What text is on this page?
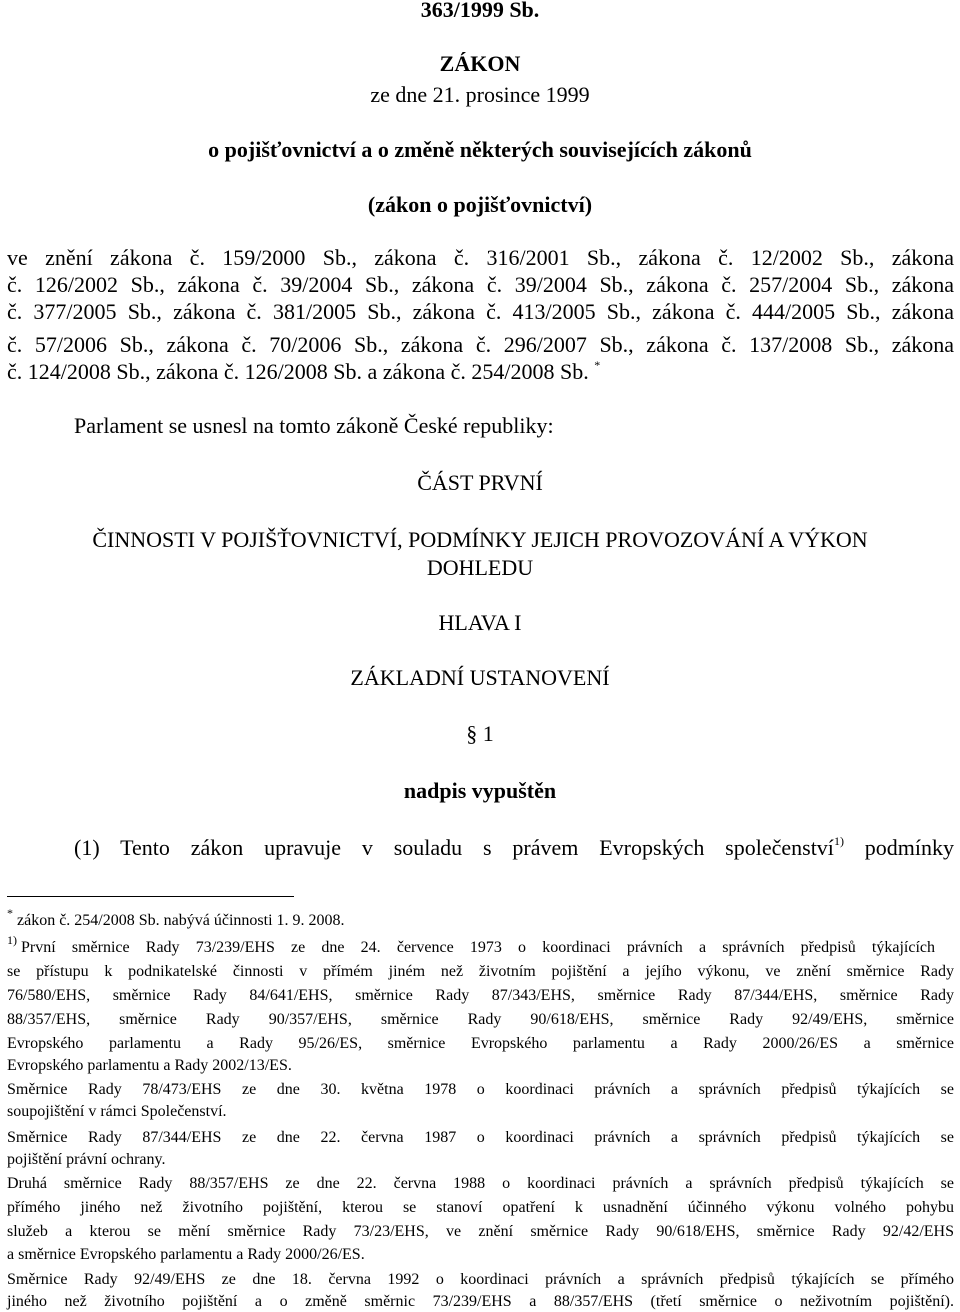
363/1999 Sb.
ZÁKON
ze dne 21. prosince 1999
o pojišťovnictví a o změně některých souvisejících zákonů
(zákon o pojišťovnictví)
ve znění zákona č. 159/2000 Sb., zákona č. 316/2001 Sb., zákona č. 12/2002 Sb., zákona
č. 126/2002 Sb., zákona č. 39/2004 Sb., zákona č. 39/2004 Sb., zákona č. 257/2004 Sb., zákona
č. 377/2005 Sb., zákona č. 381/2005 Sb., zákona č. 413/2005 Sb., zákona č. 444/2005 Sb., zákona
č. 57/2006 Sb., zákona č. 70/2006 Sb., zákona č. 296/2007 Sb., zákona č. 137/2008 Sb., zákona
č. 124/2008 Sb., zákona č. 126/2008 Sb. a zákona č. 254/2008 Sb. *
Parlament se usnesl na tomto zákoně České republiky:
ČÁST PRVNÍ
ČINNOSTI V POJIŠŤOVNICTVÍ, PODMÍNKY JEJICH PROVOZOVÁNÍ A VÝKON
DOHLEDU
HLAVA I
ZÁKLADNÍ USTANOVENÍ
§ 1
nadpis vypuštěn
(1) Tento zákon upravuje v souladu s právem Evropských společenství$^{1)}$ podmínky
* zákon č. 254/2008 Sb. nabývá účinnosti 1. 9. 2008.
$^{1)}$ První směrnice Rady 73/239/EHS ze dne 24. července 1973 o koordinaci právních a správních předpisů týkajících
se přístupu k podnikatelské činnosti v přímém jiném než životním pojištění a jejího výkonu, ve znění směrnice Rady
76/580/EHS, směrnice Rady 84/641/EHS, směrnice Rady 87/343/EHS, směrnice Rady 87/344/EHS, směrnice Rady
88/357/EHS, směrnice Rady 90/357/EHS, směrnice Rady 90/618/EHS, směrnice Rady 92/49/EHS, směrnice
Evropského parlamentu a Rady 95/26/ES, směrnice Evropského parlamentu a Rady 2000/26/ES a směrnice
Evropského parlamentu a Rady 2002/13/ES.
Směrnice Rady 78/473/EHS ze dne 30. května 1978 o koordinaci právních a správních předpisů týkajících se
soupojištění v rámci Společenství.
Směrnice Rady 87/344/EHS ze dne 22. června 1987 o koordinaci právních a správních předpisů týkajících se
pojištění právní ochrany.
Druhá směrnice Rady 88/357/EHS ze dne 22. června 1988 o koordinaci právních a správních předpisů týkajících se
přímého jiného než životního pojištění, kterou se stanoví opatření k usnadnění účinného výkonu volného pohybu
služeb a kterou se mění směrnice Rady 73/23/EHS, ve znění směrnice Rady 90/618/EHS, směrnice Rady 92/42/EHS
a směrnice Evropského parlamentu a Rady 2000/26/ES.
Směrnice Rady 92/49/EHS ze dne 18. června 1992 o koordinaci právních a správních předpisů týkajících se přímého
jiného než životního pojištění a o změně směrnic 73/239/EHS a 88/357/EHS (třetí směrnice o neživotním pojištění).
